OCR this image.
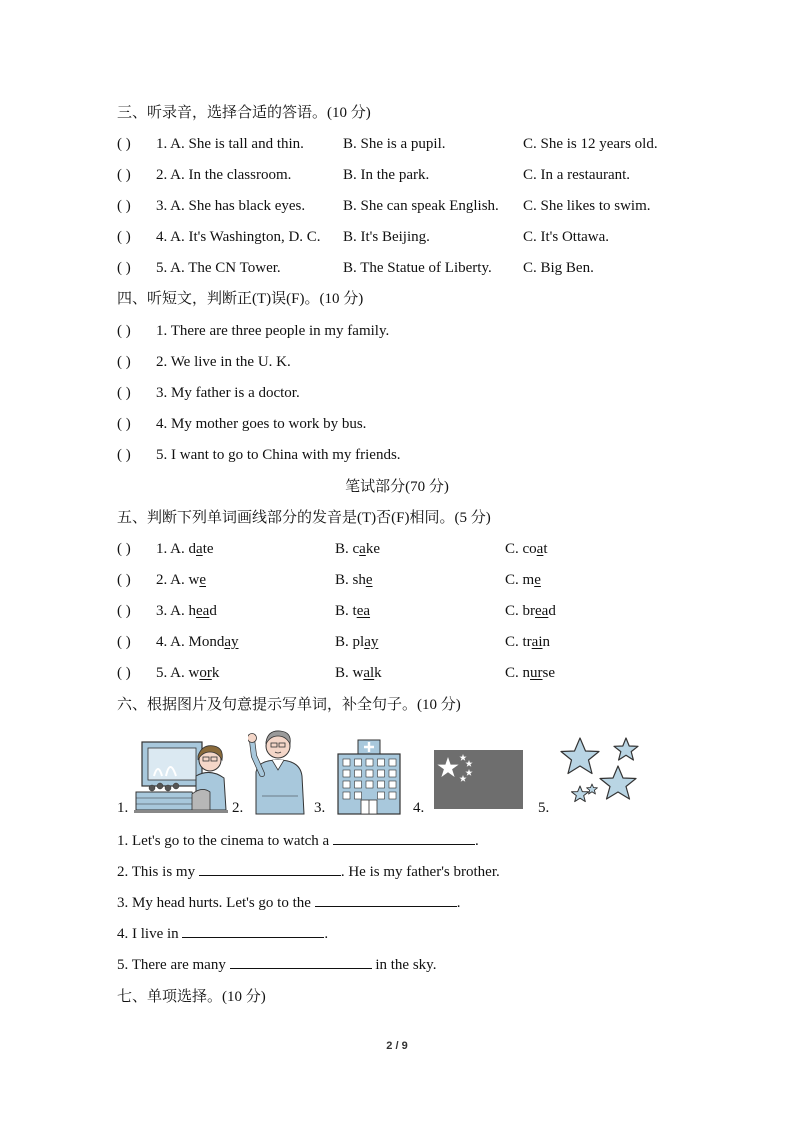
三、听录音，选择合适的答语。(10 分)
( ) 1. A. She is tall and thin.	B. She is a pupil.	C. She is 12 years old.
( ) 2. A. In the classroom.	B. In the park.	C. In a restaurant.
( ) 3. A. She has black eyes.	B. She can speak English. C. She likes to swim.
( ) 4. A. It's Washington, D. C. B. It's Beijing.	C. It's Ottawa.
( ) 5. A. The CN Tower.	B. The Statue of Liberty. C. Big Ben.
四、听短文，判断正(T)误(F)。(10 分)
( ) 1. There are three people in my family.
( ) 2. We live in the U. K.
( ) 3. My father is a doctor.
( ) 4. My mother goes to work by bus.
( ) 5. I want to go to China with my friends.
笔试部分(70 分)
五、判断下列单词画线部分的发音是(T)否(F)相同。(5 分)
( ) 1. A. date	B. cake	C. coat
( ) 2. A. we	B. she	C. me
( ) 3. A. head	B. tea	C. bread
( ) 4. A. Monday	B. play	C. train
( ) 5. A. work	B. walk	C. nurse
六、根据图片及句意提示写单词，补全句子。(10 分)
1.	2.	3.	4.	5.
1. Let's go to the cinema to watch a	.
2. This is my	. He is my father's brother.
3. My head hurts. Let's go to the	.
4. I live in	.
5. There are many	in the sky.
七、单项选择。(10 分)
2 / 9
